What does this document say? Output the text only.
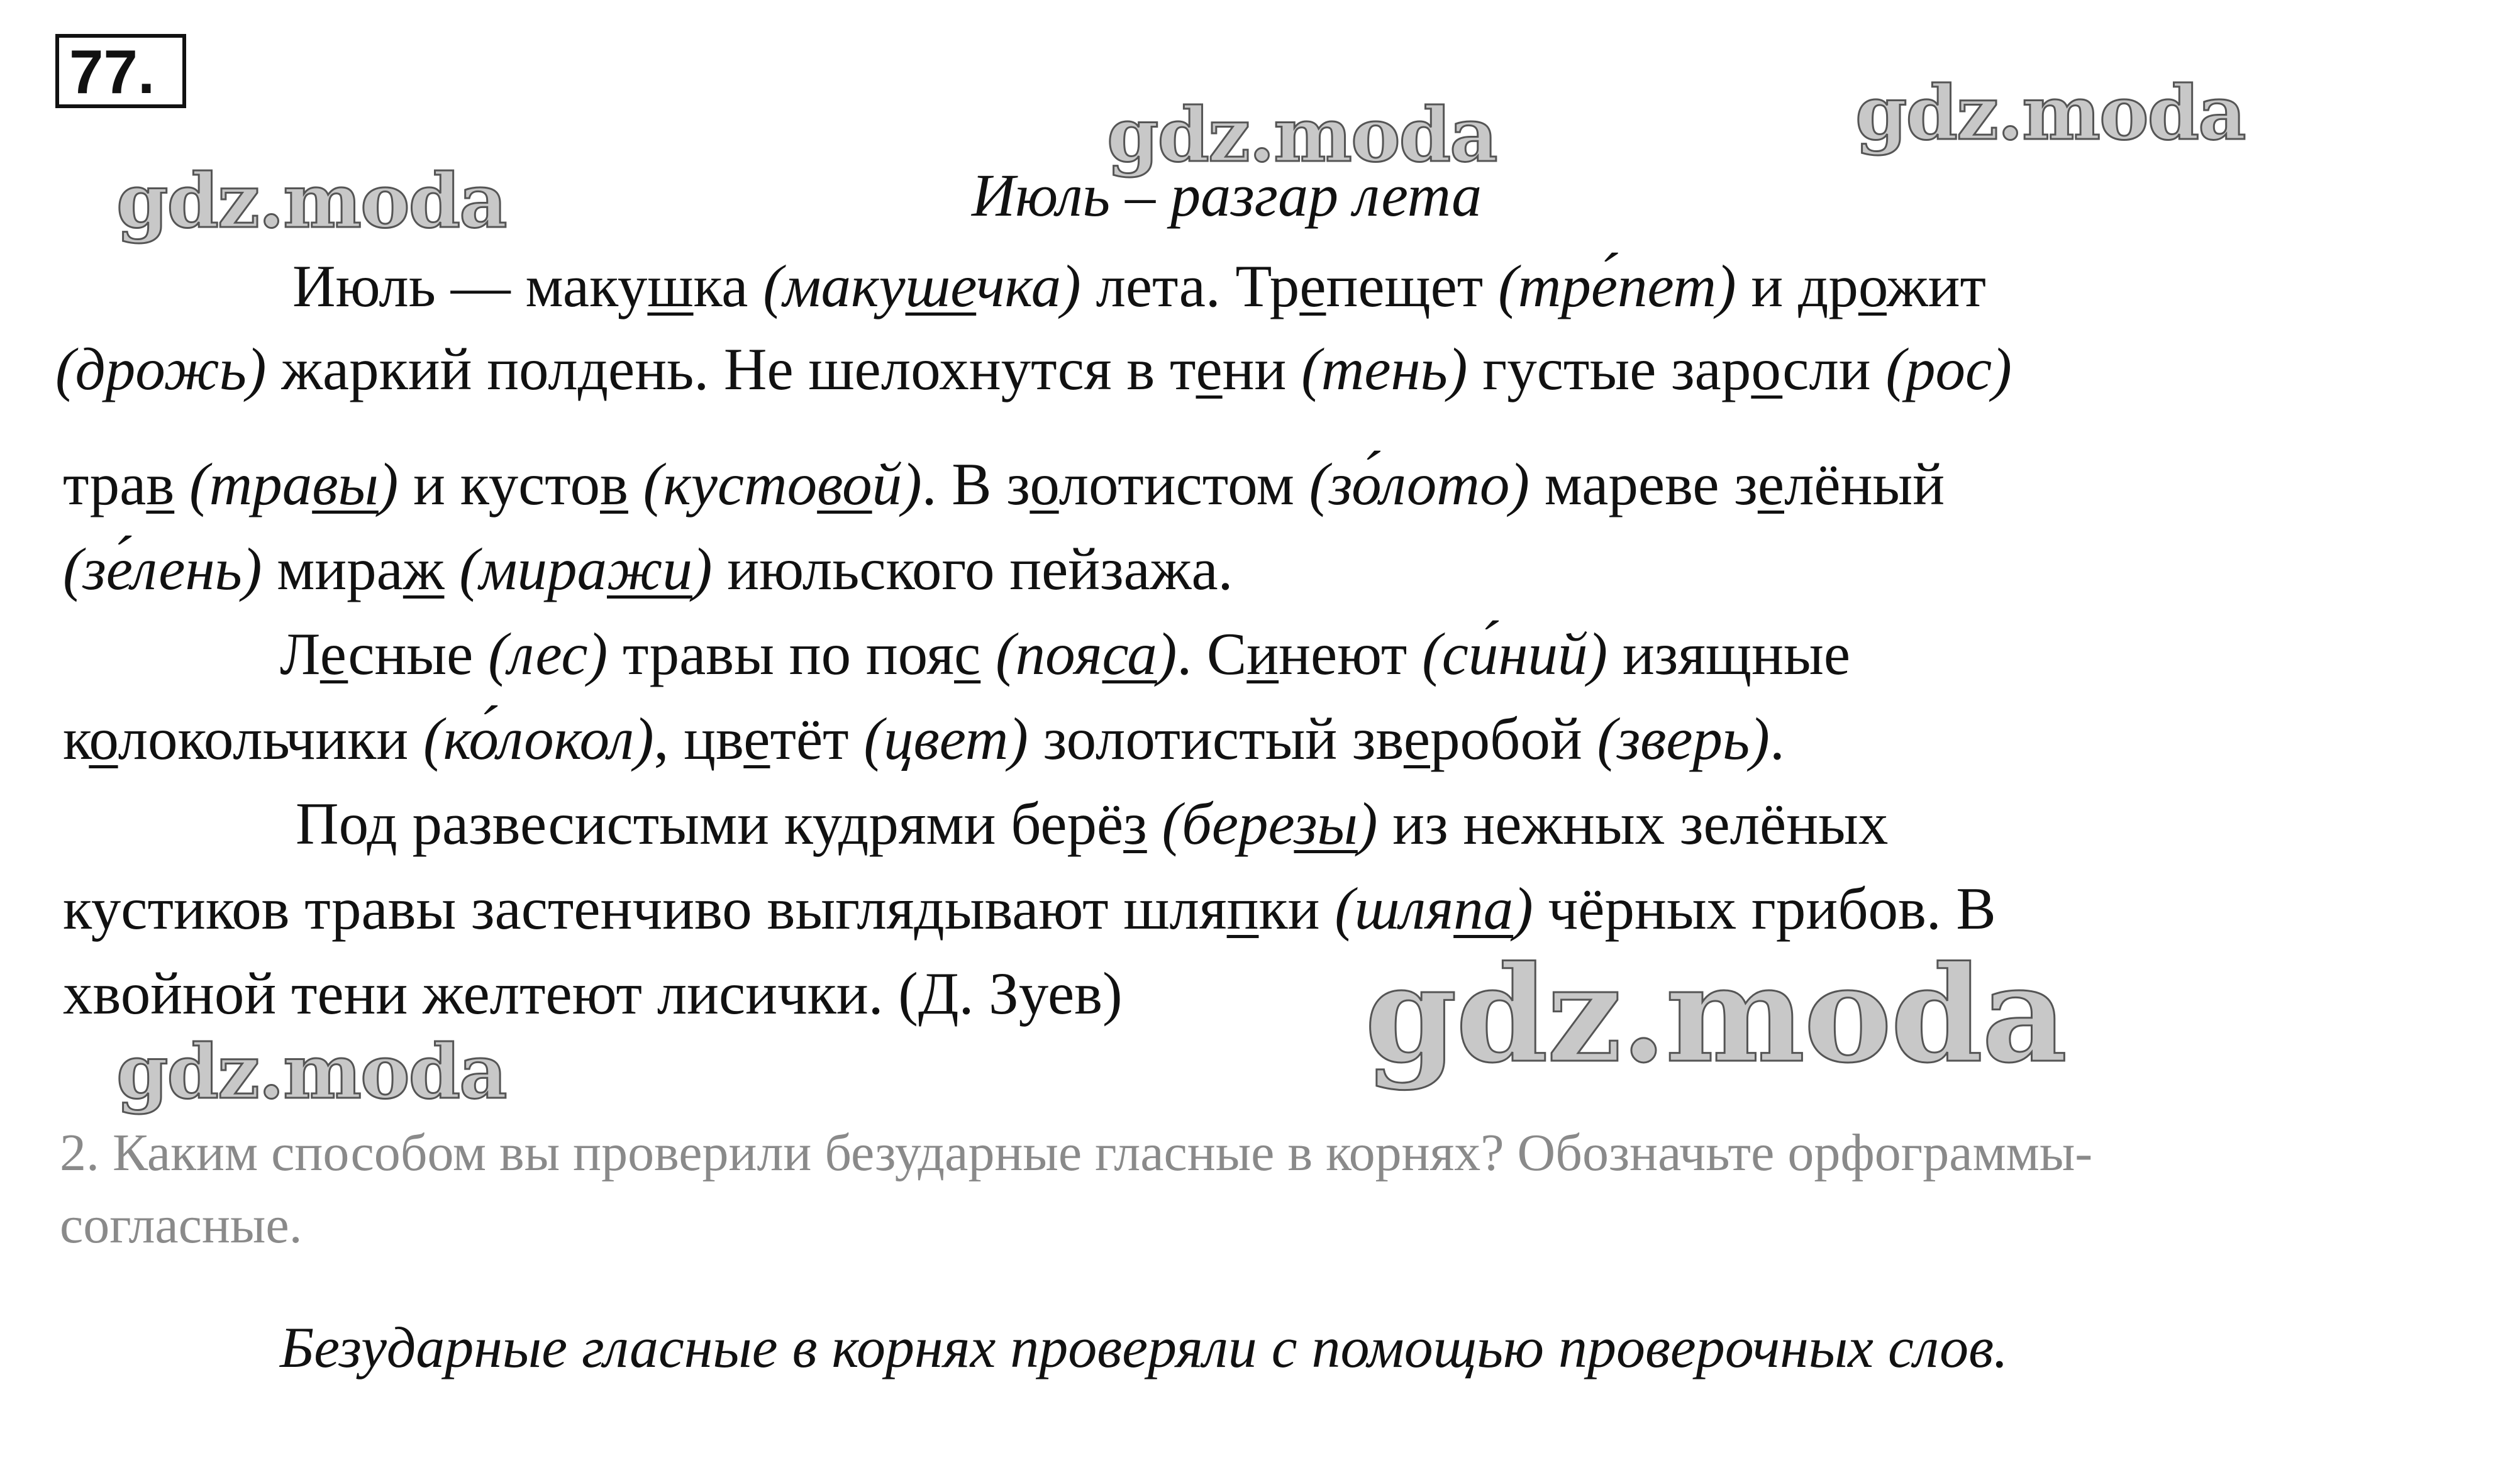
77.
gdz.moda	gdz.moda
gdz.moda
gdz.moda
gdz.moda
Июль – разгар лета
Июль — макушка (макушечка) лета. Трепещет (тре́пет) и дрожит
(дрожь) жаркий полдень. Не шелохнутся в тени (тень) густые заросли (рос)
трав (травы) и кустов (кустовой). В золотистом (зо́лото) мареве зелёный
(зе́лень) мираж (миражи) июльского пейзажа.
Лесные (лес) травы по пояс (пояса). Синеют (си́ний) изящные
колокольчики (ко́локол), цветёт (цвет) золотистый зверобой (зверь).
Под развесистыми кудрями берёз (березы) из нежных зелёных
кустиков травы застенчиво выглядывают шляпки (шляпа) чёрных грибов. В
хвойной тени желтеют лисички. (Д. Зуев)
2. Каким способом вы проверили безударные гласные в корнях? Обозначьте орфограммы-
согласные.
Безударные гласные в корнях проверяли с помощью проверочных слов.
